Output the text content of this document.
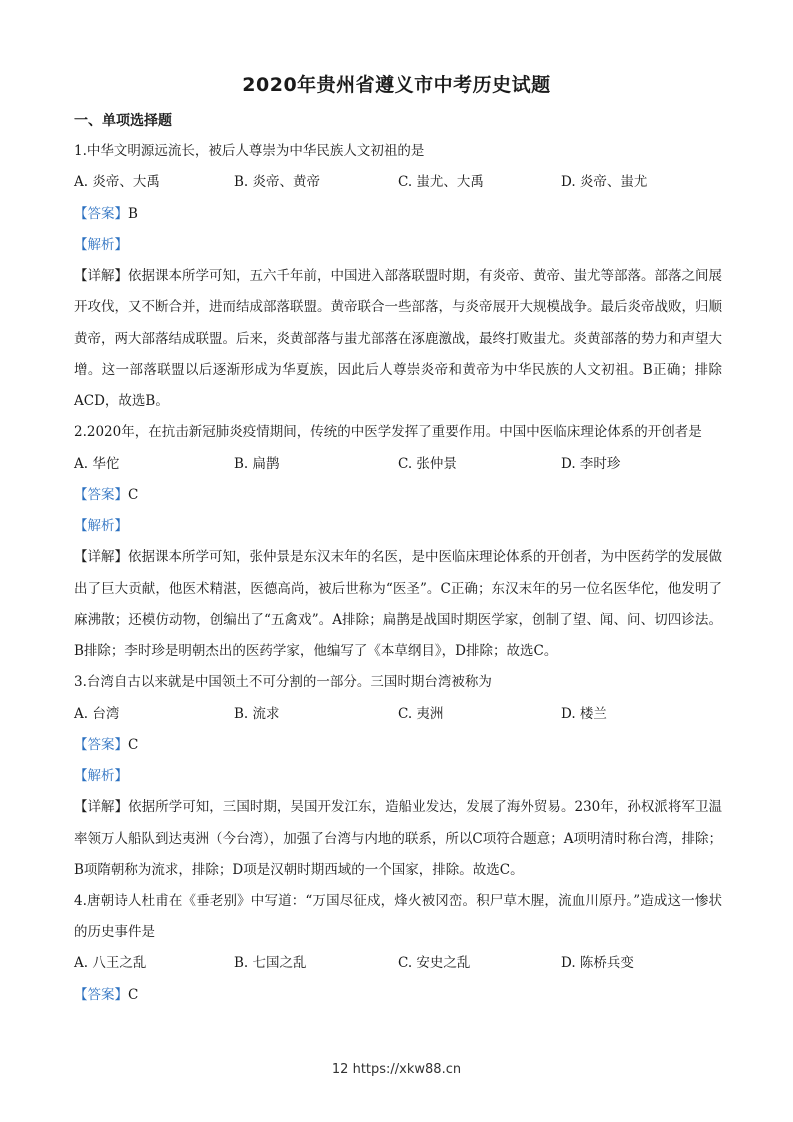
2020年贵州省遵义市中考历史试题
一、单项选择题
1.中华文明源远流长，被后人尊崇为中华民族人文初祖的是
A. 炎帝、大禹	B. 炎帝、黄帝	C. 蚩尤、大禹	D. 炎帝、蚩尤
【答案】B
【解析】
【详解】依据课本所学可知，五六千年前，中国进入部落联盟时期，有炎帝、黄帝、蚩尤等部落。部落之间展开攻伐，又不断合并，进而结成部落联盟。黄帝联合一些部落，与炎帝展开大规模战争。最后炎帝战败，归顺黄帝，两大部落结成联盟。后来，炎黄部落与蚩尤部落在涿鹿激战，最终打败蚩尤。炎黄部落的势力和声望大增。这一部落联盟以后逐渐形成为华夏族，因此后人尊崇炎帝和黄帝为中华民族的人文初祖。B正确；排除ACD，故选B。
2.2020年，在抗击新冠肺炎疫情期间，传统的中医学发挥了重要作用。中国中医临床理论体系的开创者是
A. 华佗	B. 扁鹊	C. 张仲景	D. 李时珍
【答案】C
【解析】
【详解】依据课本所学可知，张仲景是东汉末年的名医，是中医临床理论体系的开创者，为中医药学的发展做出了巨大贡献，他医术精湛，医德高尚，被后世称为“医圣”。C正确；东汉末年的另一位名医华佗，他发明了麻沸散；还模仿动物，创编出了“五禽戏”。A排除；扁鹊是战国时期医学家，创制了望、闻、问、切四诊法。B排除；李时珍是明朝杰出的医药学家，他编写了《本草纲目》，D排除；故选C。
3.台湾自古以来就是中国领土不可分割的一部分。三国时期台湾被称为
A. 台湾	B. 流求	C. 夷洲	D. 楼兰
【答案】C
【解析】
【详解】依据所学可知，三国时期，吴国开发江东，造船业发达，发展了海外贸易。230年，孙权派将军卫温率领万人船队到达夷洲（今台湾），加强了台湾与内地的联系，所以C项符合题意；A项明清时称台湾，排除；B项隋朝称为流求，排除；D项是汉朝时期西域的一个国家，排除。故选C。
4.唐朝诗人杜甫在《垂老别》中写道：“万国尽征戍，烽火被冈峦。积尸草木腥，流血川原丹。”造成这一惨状的历史事件是
A. 八王之乱	B. 七国之乱	C. 安史之乱	D. 陈桥兵变
【答案】C
12 https://xkw88.cn
